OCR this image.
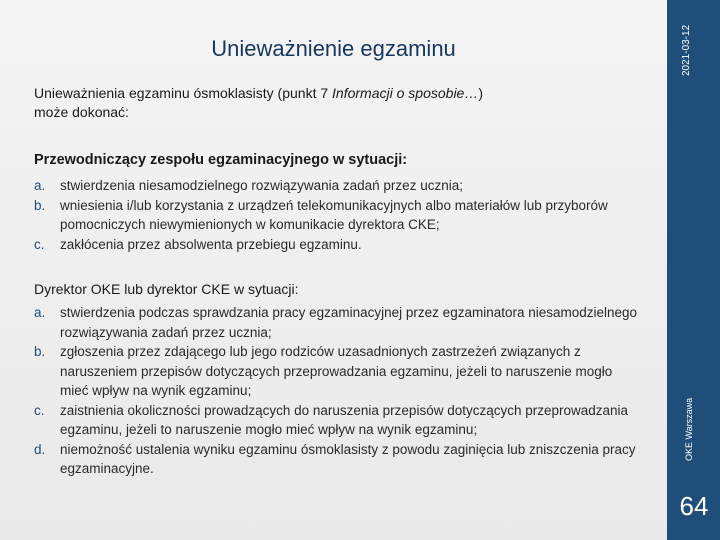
2021-03-12
OKE Warszawa
64
Unieważnienie egzaminu
Unieważnienia egzaminu ósmoklasisty (punkt 7 Informacji o sposobie…)
może dokonać:
Przewodniczący zespołu egzaminacyjnego w sytuacji:
a. stwierdzenia niesamodzielnego rozwiązywania zadań przez ucznia;
b. wniesienia i/lub korzystania z urządzeń telekomunikacyjnych albo materiałów lub przyborów pomocniczych niewymienionych w komunikacie dyrektora CKE;
c. zakłócenia przez absolwenta przebiegu egzaminu.
Dyrektor OKE lub dyrektor CKE w sytuacji:
a. stwierdzenia podczas sprawdzania pracy egzaminacyjnej przez egzaminatora niesamodzielnego rozwiązywania zadań przez ucznia;
b. zgłoszenia przez zdającego lub jego rodziców uzasadnionych zastrzeżeń związanych z naruszeniem przepisów dotyczących przeprowadzania egzaminu, jeżeli to naruszenie mogło mieć wpływ na wynik egzaminu;
c. zaistnienia okoliczności prowadzących do naruszenia przepisów dotyczących przeprowadzania egzaminu, jeżeli to naruszenie mogło mieć wpływ na wynik egzaminu;
d. niemożność ustalenia wyniku egzaminu ósmoklasisty z powodu zaginięcia lub zniszczenia pracy egzaminacyjne.
